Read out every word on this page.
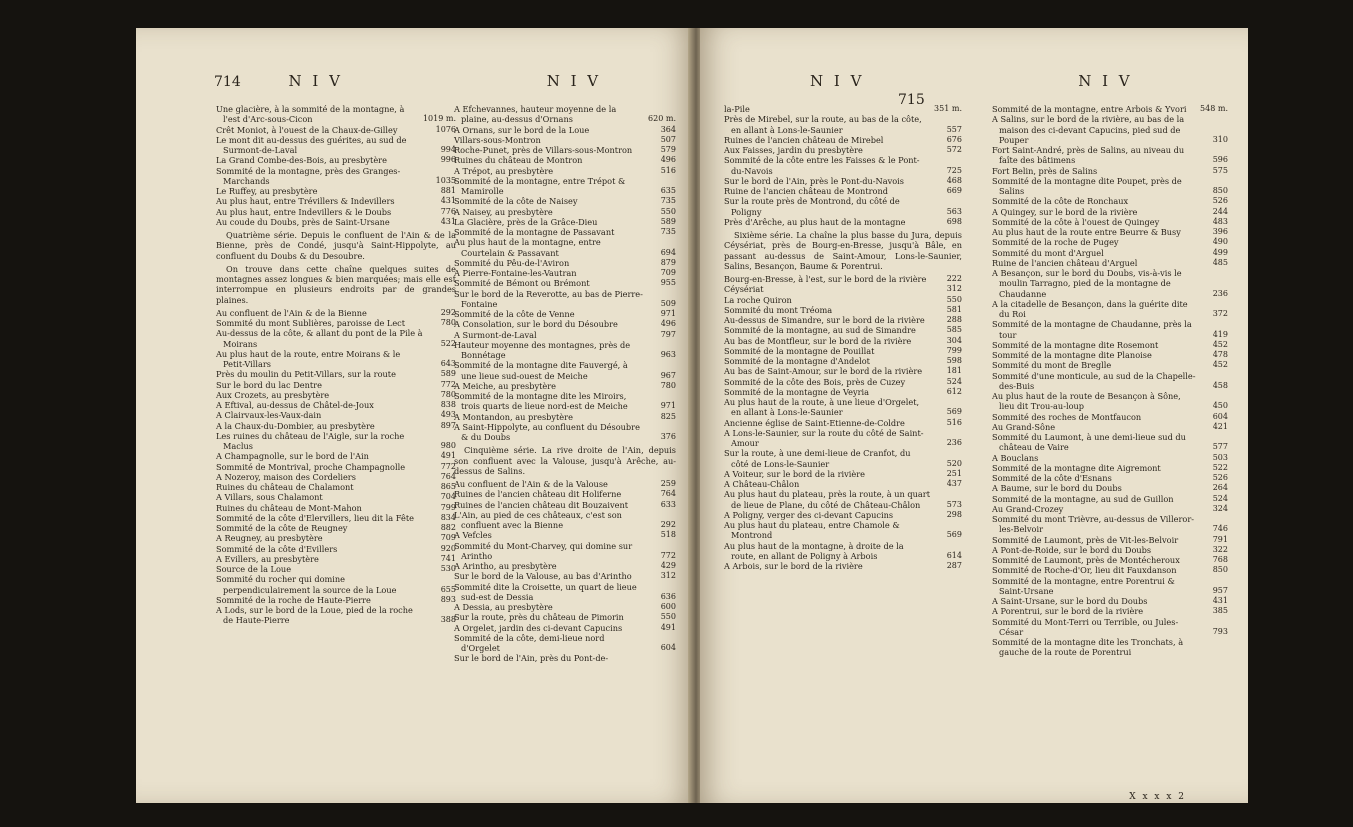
714	N I V	N I V
Une glacière, à la sommité de la montagne, à l'est d'Arc-sous-Cicon	1019 m.
Crêt Moniot, à l'ouest de la Chaux-de-Gilley	1076
Le mont dit au-dessus des guérites, au sud de Surmont-de-Laval	994
La Grand Combe-des-Bois, au presbytère	996
Sommité de la montagne, près des Granges-Marchands	1035
Le Ruffey, au presbytère	881
Au plus haut, entre Trévillers & Indevillers	431
Au plus haut, entre Indevillers & le Doubs	776
Au coude du Doubs, près de Saint-Ursane	431
Quatrième série. Depuis le confluent de l'Ain & de la Bienne, près de Condé, jusqu'à Saint-Hippolyte, au confluent du Doubs & du Desoubre.
On trouve dans cette chaîne quelques suites de montagnes assez longues & bien marquées; mais elle est interrompue en plusieurs endroits par de grandes plaines.
Au confluent de l'Ain & de la Bienne	292
Sommité du mont Sublières, paroisse de Lect	780
Au-dessus de la côte, & allant du pont de la Pile à Moirans	522
Au plus haut de la route, entre Moirans & le Petit-Villars	643
Près du moulin du Petit-Villars, sur la route	589
Sur le bord du lac Dentre	772
Aux Crozets, au presbytère	780
A Eftival, au-dessus de Châtel-de-Joux	838
A Clairvaux-les-Vaux-dain	493
A la Chaux-du-Dombier, au presbytère	897
Les ruines du château de l'Aigle, sur la roche Maclus	980
A Champagnolle, sur le bord de l'Ain	491
Sommité de Montrival, proche Champagnolle	772
A Nozeroy, maison des Cordeliers	764
Ruines du château de Chalamont	865
A Villars, sous Chalamont	704
Ruines du château de Mont-Mahon	799
Sommité de la côte d'Elervillers, lieu dit la Fête	834
Sommité de la côte de Reugney	882
A Reugney, au presbytère	709
Sommité de la côte d'Evillers	920
A Evillers, au presbytère	741
Source de la Loue	530
Sommité du rocher qui domine perpendiculairement la source de la Loue	655
Sommité de la roche de Haute-Pierre	893
A Lods, sur le bord de la Loue, pied de la roche de Haute-Pierre	388
A Efchevannes, hauteur moyenne de la plaine, au-dessus d'Ornans	620 m.
A Ornans, sur le bord de la Loue	364
Villars-sous-Montron	507
Roche-Punet, près de Villars-sous-Montron	579
Ruines du château de Montron	496
A Trépot, au presbytère	516
Sommité de la montagne, entre Trépot & Mamirolle	635
Sommité de la côte de Naisey	735
A Naisey, au presbytère	550
La Glacière, près de la Grâce-Dieu	589
Sommité de la montagne de Passavant	735
Au plus haut de la montagne, entre Courtelain & Passavant	694
Sommité du Pêu-de-l'Aviron	879
A Pierre-Fontaine-les-Vautran	709
Sommité de Bémont ou Brémont	955
Sur le bord de la Reverotte, au bas de Pierre-Fontaine	509
Sommité de la côte de Venne	971
A Consolation, sur le bord du Désoubre	496
A Surmont-de-Laval	797
Hauteur moyenne des montagnes, près de Bonnétage	963
Sommité de la montagne dite Fauvergé, à une lieue sud-ouest de Meiche	967
A Meiche, au presbytère	780
Sommité de la montagne dite les Miroirs, trois quarts de lieue nord-est de Meiche	971
A Montandon, au presbytère	825
A Saint-Hippolyte, au confluent du Désoubre & du Doubs	376
Cinquième série. La rive droite de l'Ain, depuis son confluent avec la Valouse, jusqu'à Arêche, au-dessus de Salins.
Au confluent de l'Ain & de la Valouse	259
Ruines de l'ancien château dit Holiferne	764
Ruines de l'ancien château dit Bouzaivent	633
L'Ain, au pied de ces châteaux, c'est son confluent avec la Bienne	292
A Vefcles	518
Sommité du Mont-Charvey, qui domine sur Arintho	772
A Arintho, au presbytère	429
Sur le bord de la Valouse, au bas d'Arintho	312
Sommité dite la Croisette, un quart de lieue sud-est de Dessia	636
A Dessia, au presbytère	600
Sur la route, près du château de Pimorin	550
A Orgelet, jardin des ci-devant Capucins	491
Sommité de la côte, demi-lieue nord d'Orgelet	604
Sur le bord de l'Ain, près du Pont-de-
N I V	N I V 715
la-Pile	351 m.
Près de Mirebel, sur la route, au bas de la côte, en allant à Lons-le-Saunier	557
Ruines de l'ancien château de Mirebel	676
Aux Faisses, jardin du presbytère	572
Sommité de la côte entre les Faisses & le Pont-du-Navois	725
Sur le bord de l'Ain, près le Pont-du-Navois	468
Ruine de l'ancien château de Montrond	669
Sur la route près de Montrond, du côté de Poligny	563
Près d'Arêche, au plus haut de la montagne	698
Sixième série. La chaîne la plus basse du Jura, depuis Céysériat, près de Bourg-en-Bresse, jusqu'à Bâle, en passant au-dessus de Saint-Amour, Lons-le-Saunier, Salins, Besançon, Baume & Porentrui.
Bourg-en-Bresse, à l'est, sur le bord de la rivière	222
Céysériat	312
La roche Quiron	550
Sommité du mont Tréoma	581
Au-dessus de Simandre, sur le bord de la rivière	288
Sommité de la montagne, au sud de Simandre	585
Au bas de Montfleur, sur le bord de la rivière	304
Sommité de la montagne de Pouillat	799
Sommité de la montagne d'Andelot	598
Au bas de Saint-Amour, sur le bord de la rivière	181
Sommité de la côte des Bois, près de Cuzey	524
Sommité de la montagne de Veyria	612
Au plus haut de la route, à une lieue d'Orgelet, en allant à Lons-le-Saunier	569
Ancienne église de Saint-Etienne-de-Coldre	516
A Lons-le-Saunier, sur la route du côté de Saint-Amour	236
Sur la route, à une demi-lieue de Cranfot, du côté de Lons-le-Saunier	520
A Voiteur, sur le bord de la rivière	251
A Château-Châlon	437
Au plus haut du plateau, près la route, à un quart de lieue de Plane, du côté de Château-Châlon	573
A Poligny, verger des ci-devant Capucins	298
Au plus haut du plateau, entre Chamole & Montrond	569
Au plus haut de la montagne, à droite de la route, en allant de Poligny à Arbois	614
A Arbois, sur le bord de la rivière	287
Sommité de la montagne, entre Arbois & Yvori 548 m.
A Salins, sur le bord de la rivière, au bas de la maison des ci-devant Capucins, pied sud de Pouper	310
Fort Saint-André, près de Salins, au niveau du faîte des bâtimens	596
Fort Belin, près de Salins	575
Sommité de la montagne dite Poupet, près de Salins	850
Sommité de la côte de Ronchaux	526
A Quingey, sur le bord de la rivière	244
Sommité de la côte à l'ouest de Quingey	483
Au plus haut de la route entre Beurre & Busy	396
Sommité de la roche de Pugey	490
Sommité du mont d'Arguel	499
Ruine de l'ancien château d'Arguel	485
A Besançon, sur le bord du Doubs, vis-à-vis le moulin Tarragno, pied de la montagne de Chaudanne	236
A la citadelle de Besançon, dans la guérite dite du Roi	372
Sommité de la montagne de Chaudanne, près la tour	419
Sommité de la montagne dite Rosemont	452
Sommité de la montagne dite Planoise	478
Sommité du mont de Breglle	452
Sommité d'une monticule, au sud de la Chapelle-des-Buis	458
Au plus haut de la route de Besançon à Sône, lieu dit Trou-au-loup	450
Sommité des roches de Montfaucon	604
Au Grand-Sône	421
Sommité du Laumont, à une demi-lieue sud du château de Vaire	577
A Bouclans	503
Sommité de la montagne dite Aigremont	522
Sommité de la côte d'Esnans	526
A Baume, sur le bord du Doubs	264
Sommité de la montagne, au sud de Guillon	524
Au Grand-Crozey	324
Sommité du mont Trièvre, au-dessus de Villeror-les-Belvoir	746
Sommité de Laumont, près de Vit-les-Belvoir	791
A Pont-de-Roide, sur le bord du Doubs	322
Sommité de Laumont, près de Montécheroux	768
Sommité de Roche-d'Or, lieu dit Fauxdanson	850
Sommité de la montagne, entre Porentrui & Saint-Ursane	957
A Saint-Ursane, sur le bord du Doubs	431
A Porentrui, sur le bord de la rivière	385
Sommité du Mont-Terri ou Terrible, ou Jules-César	793
Sommité de la montagne dite les Tronchats, à gauche de la route de Porentrui
X x x x 2
